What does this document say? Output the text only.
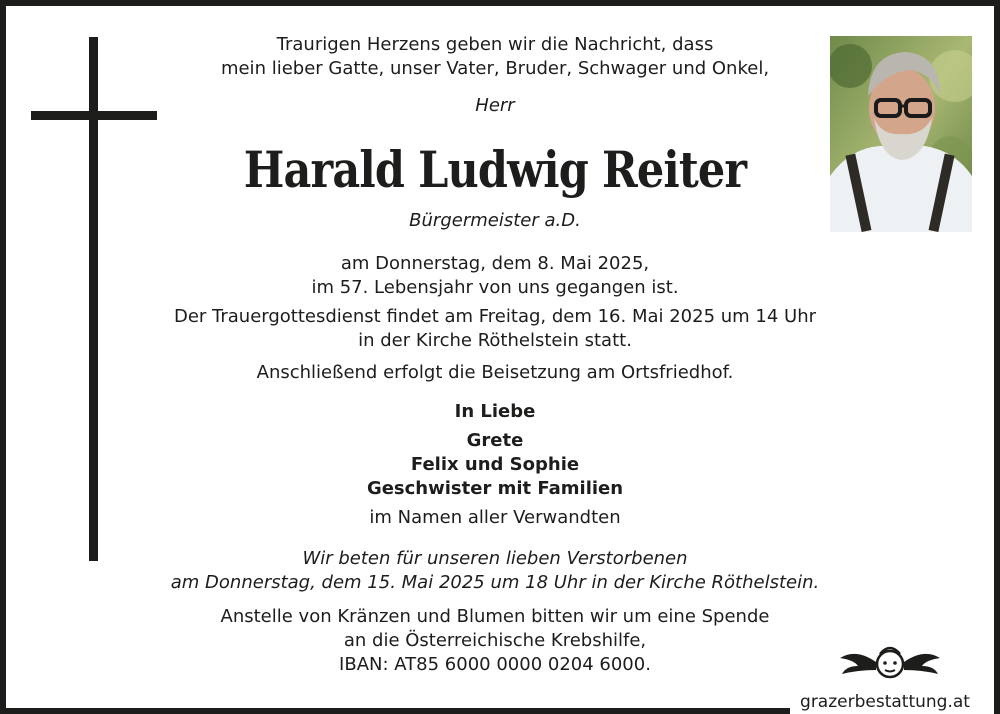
Traurigen Herzens geben wir die Nachricht, dass
mein lieber Gatte, unser Vater, Bruder, Schwager und Onkel,
Herr
Harald Ludwig Reiter
Bürgermeister a.D.
am Donnerstag, dem 8. Mai 2025,
im 57. Lebensjahr von uns gegangen ist.
Der Trauergottesdienst findet am Freitag, dem 16. Mai 2025 um 14 Uhr
in der Kirche Röthelstein statt.
Anschließend erfolgt die Beisetzung am Ortsfriedhof.
In Liebe
Grete
Felix und Sophie
Geschwister mit Familien
im Namen aller Verwandten
Wir beten für unseren lieben Verstorbenen
am Donnerstag, dem 15. Mai 2025 um 18 Uhr in der Kirche Röthelstein.
Anstelle von Kränzen und Blumen bitten wir um eine Spende
an die Österreichische Krebshilfe,
IBAN: AT85 6000 0000 0204 6000.
grazerbestattung.at
